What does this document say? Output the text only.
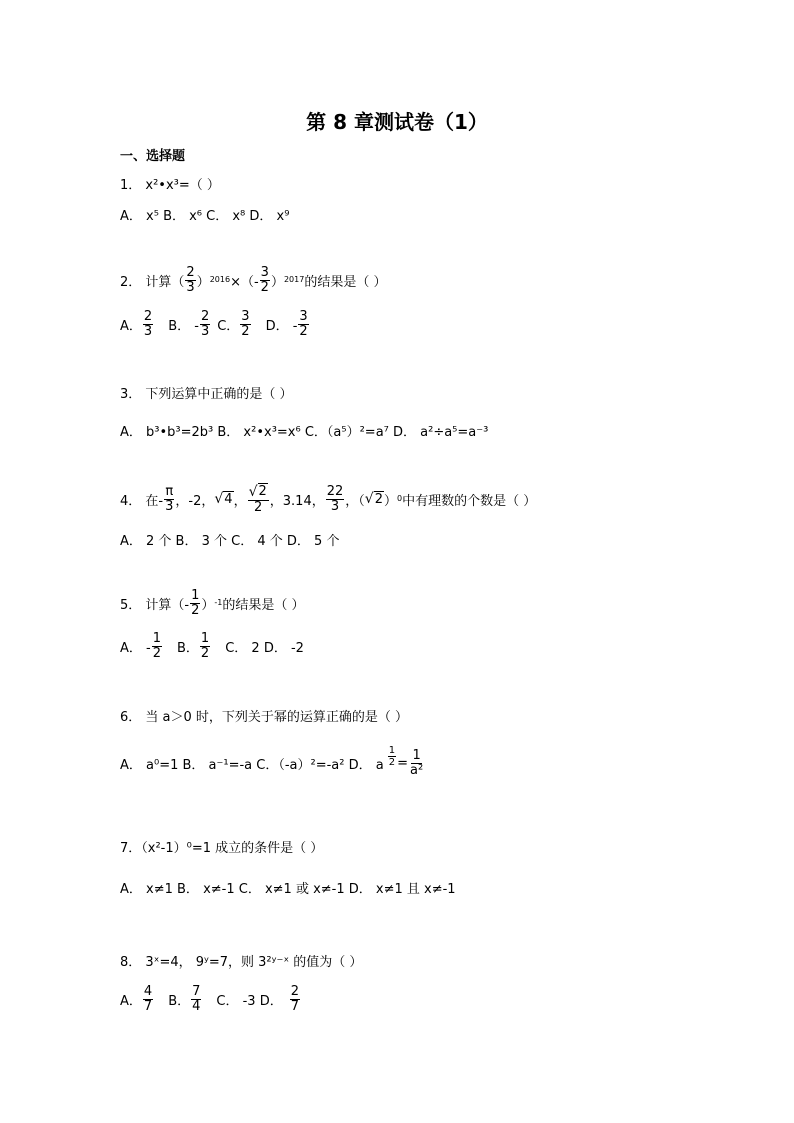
第 8 章测试卷（1）
一、选择题
1． x²•x³=（ ）
A． x⁵ B． x⁶ C． x⁸ D． x⁹
2． 计算（ $\frac{2}{3}$ ） 2016 ×（- $\frac{3}{2}$ ） 2017 的结果是（ ）
A． $\frac{2}{3}$ B． - $\frac{2}{3}$ C． $\frac{3}{2}$ D． - $\frac{3}{2}$
3． 下列运算中正确的是（ ）
A． b³•b³=2b³ B． x²•x³=x⁶ C．（a⁵）²=a⁷ D． a²÷a⁵=a⁻³
4． 在- $\frac{\pi}{3}$ ，-2， √ 4 ， $\frac{√ 2}{2}$ ，3.14， $\frac{22}{3}$ ，（ √ 2 ） 0 中有理数的个数是（ ）
A． 2 个 B． 3 个 C． 4 个 D． 5 个
5． 计算（- $\frac{1}{2}$ ） -1 的结果是（ ）
A． - $\frac{1}{2}$ B． $\frac{1}{2}$ C． 2 D． -2
6． 当 a＞0 时，下列关于幂的运算正确的是（ ）
A． a⁰=1 B． a⁻¹=-a C．（-a）²=-a² D． a $\frac{1}{2} = \frac{1}{\text{a²}}$
7．（x²-1）⁰=1 成立的条件是（ ）
A． x≠1 B． x≠-1 C． x≠1 或 x≠-1 D． x≠1 且 x≠-1
8． 3ˣ=4， 9ʸ=7，则 3²ʸ⁻ˣ 的值为（ ）
A． $\frac{4}{7}$ B． $\frac{7}{4}$ C． -3 D． $\frac{2}{7}$
